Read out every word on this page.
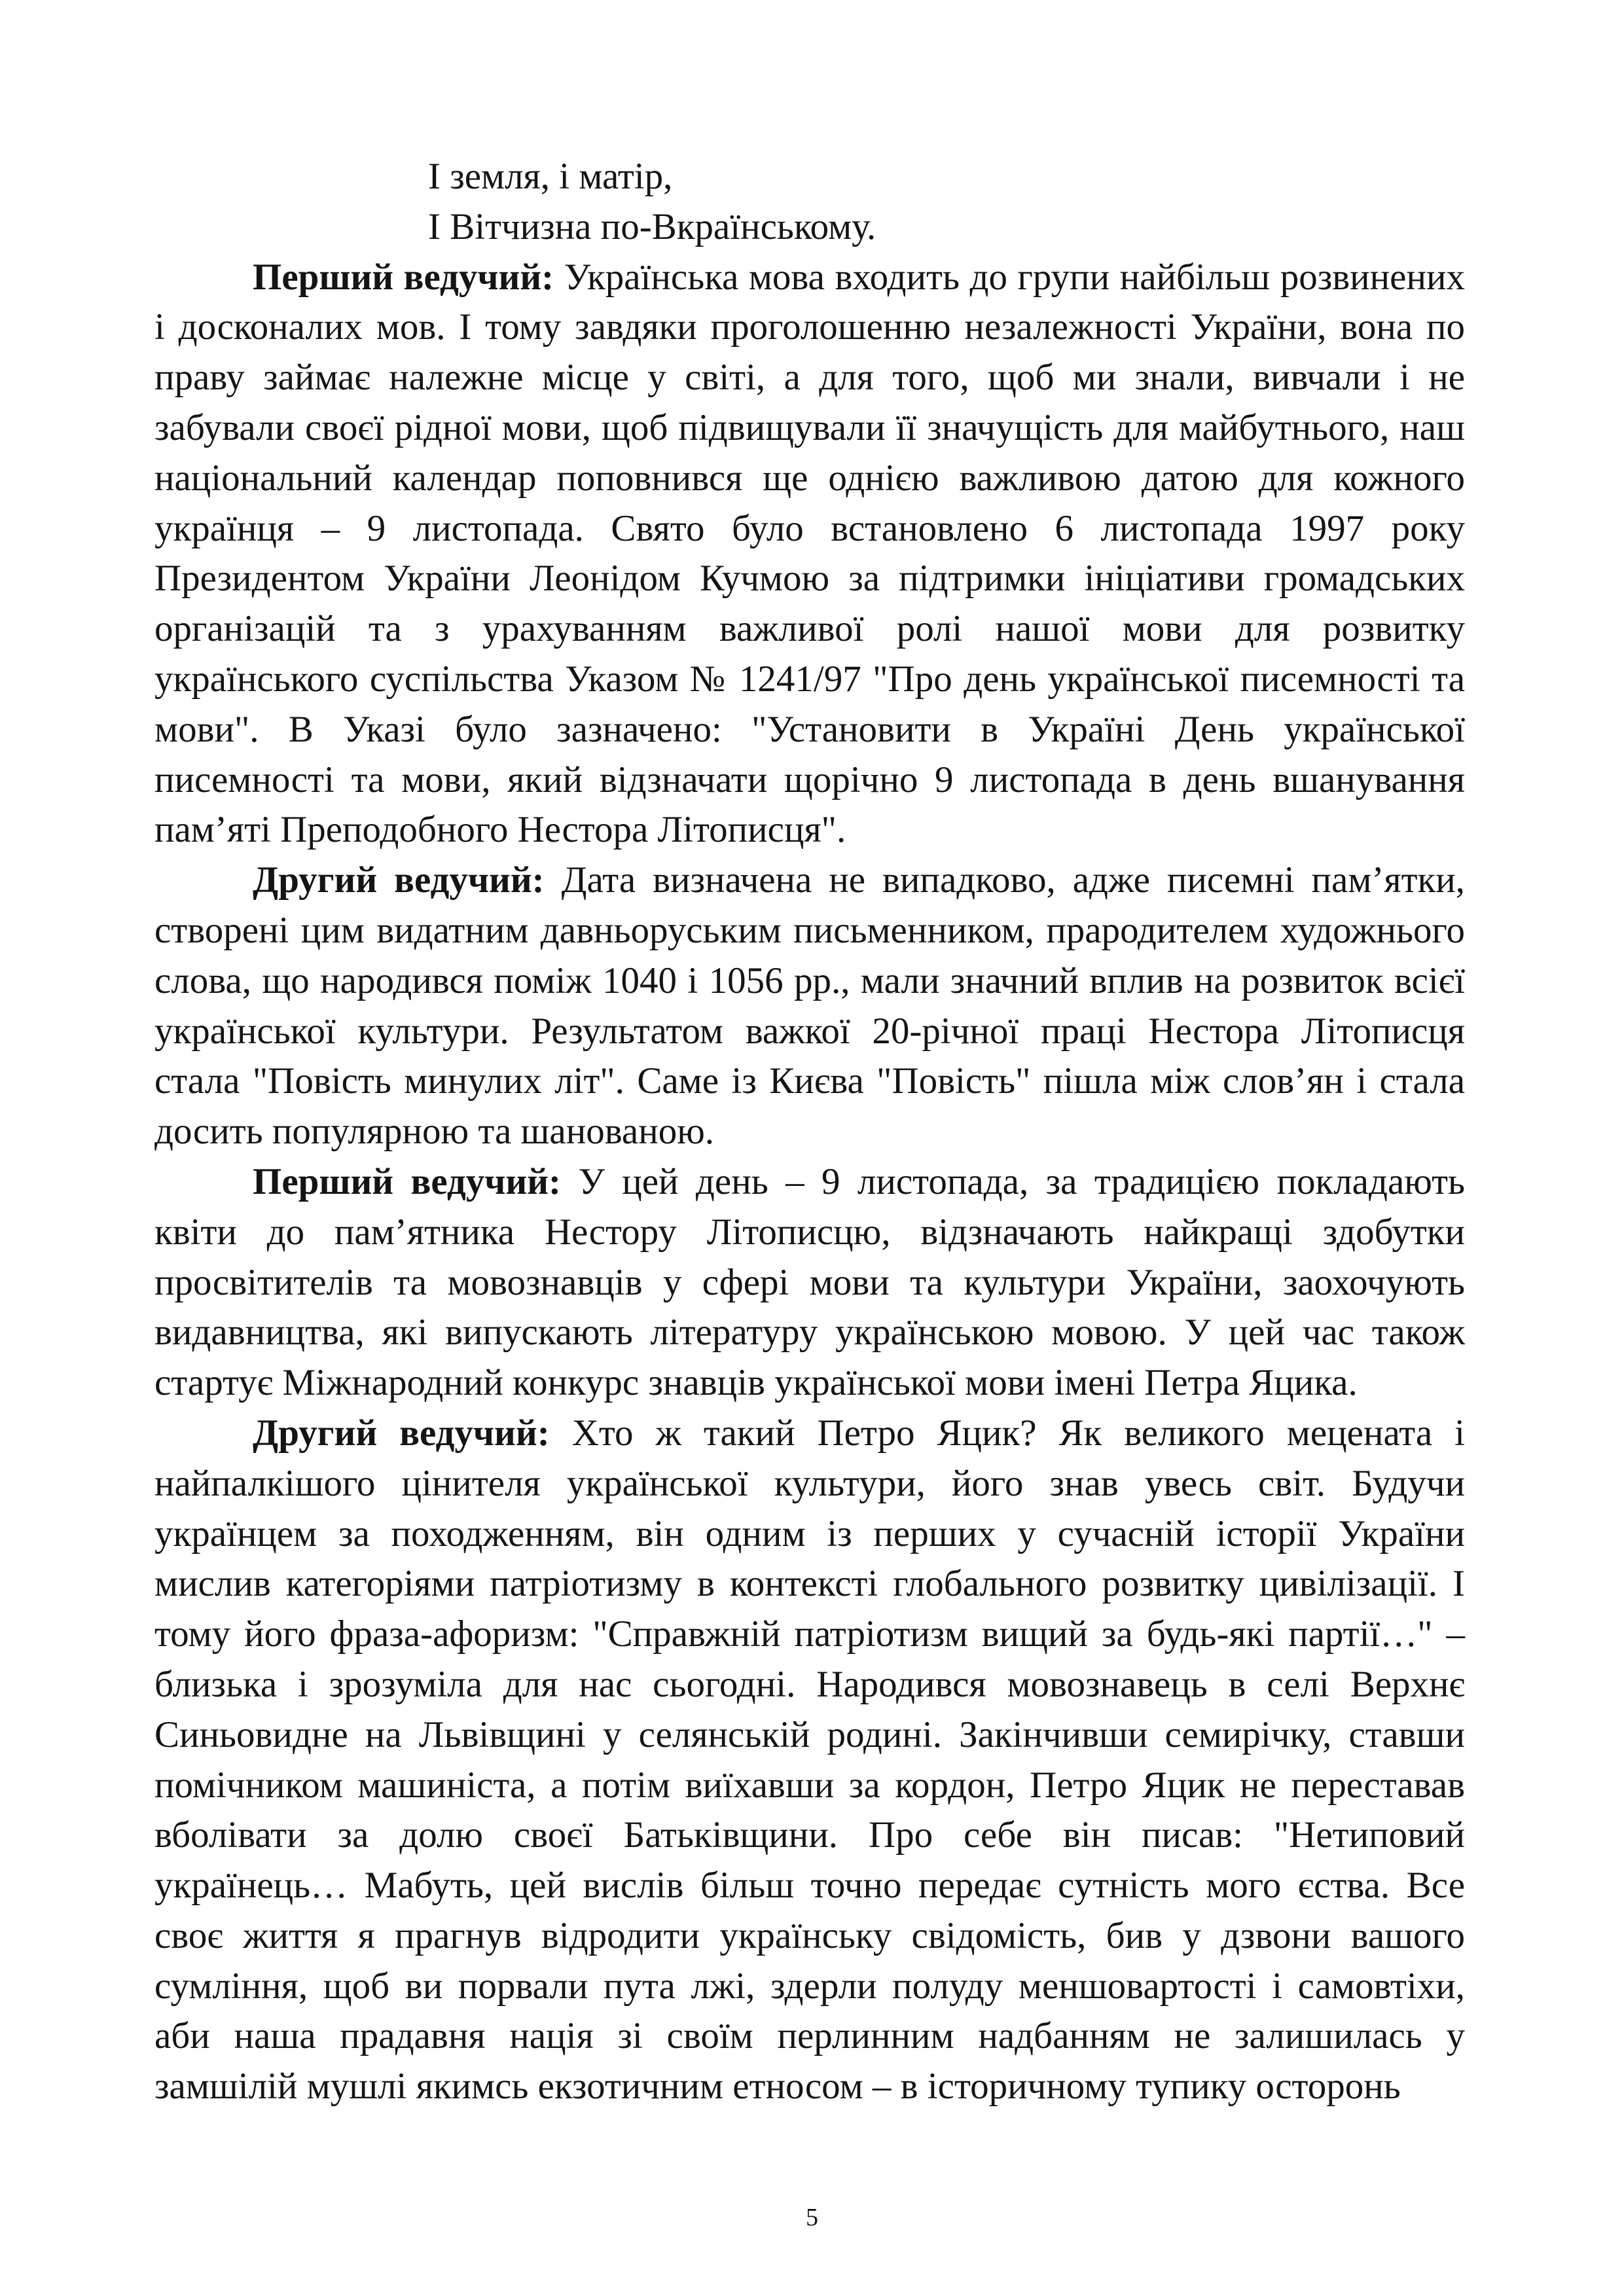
І земля, і матір,

І Вітчизна по-Вкраїнському.

Перший ведучий: Українська мова входить до групи найбільш розвинених і досконалих мов. І тому завдяки проголошенню незалежності України, вона по праву займає належне місце у світі, а для того, щоб ми знали, вивчали і не забували своєї рідної мови, щоб підвищували її значущість для майбутнього, наш національний календар поповнився ще однією важливою датою для кожного українця – 9 листопада. Свято було встановлено 6 листопада 1997 року Президентом України Леонідом Кучмою за підтримки ініціативи громадських організацій та з урахуванням важливої ролі нашої мови для розвитку українського суспільства Указом № 1241/97 "Про день української писемності та мови". В Указі було зазначено: "Установити в Україні День української писемності та мови, який відзначати щорічно 9 листопада в день вшанування пам’яті Преподобного Нестора Літописця".

Другий ведучий: Дата визначена не випадково, адже писемні пам’ятки, створені цим видатним давньоруським письменником, прародителем художнього слова, що народився поміж 1040 і 1056 рр., мали значний вплив на розвиток всієї української культури. Результатом важкої 20-річної праці Нестора Літописця стала "Повість минулих літ". Саме із Києва "Повість" пішла між слов’ян і стала досить популярною та шанованою.

Перший ведучий: У цей день – 9 листопада, за традицією покладають квіти до пам’ятника Нестору Літописцю, відзначають найкращі здобутки просвітителів та мовознавців у сфері мови та культури України, заохочують видавництва, які випускають літературу українською мовою. У цей час також стартує Міжнародний конкурс знавців української мови імені Петра Яцика.

Другий ведучий: Хто ж такий Петро Яцик? Як великого мецената і найпалкішого цінителя української культури, його знав увесь світ. Будучи українцем за походженням, він одним із перших у сучасній історії України мислив категоріями патріотизму в контексті глобального розвитку цивілізації. І тому його фраза-афоризм: "Справжній патріотизм вищий за будь-які партії…" – близька і зрозуміла для нас сьогодні. Народився мовознавець в селі Верхнє Синьовидне на Львівщині у селянській родині. Закінчивши семирічку, ставши помічником машиніста, а потім виїхавши за кордон, Петро Яцик не переставав вболівати за долю своєї Батьківщини. Про себе він писав: "Нетиповий українець… Мабуть, цей вислів більш точно передає сутність мого єства. Все своє життя я прагнув відродити українську свідомість, бив у дзвони вашого сумління, щоб ви порвали пута лжі, здерли полуду меншовартості і самовтіхи, аби наша прадавня нація зі своїм перлинним надбанням не залишилась у замшілій мушлі якимсь екзотичним етносом – в історичному тупику осторонь

5
